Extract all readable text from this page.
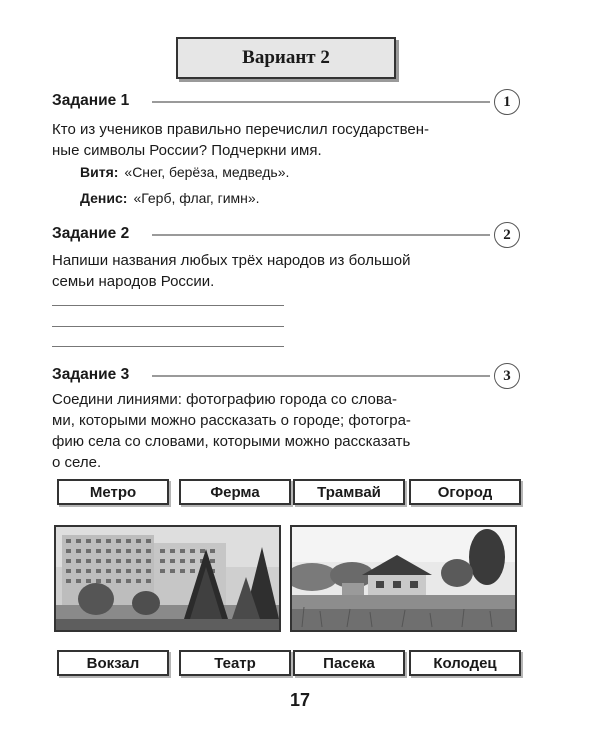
Вариант 2
Задание 1	1
Кто из учеников правильно перечислил государствен-
ные символы России? Подчеркни имя.
Витя: «Снег, берёза, медведь».
Денис: «Герб, флаг, гимн».
Задание 2	2
Напиши названия любых трёх народов из большой
семьи народов России.
Задание 3	3
Соедини линиями: фотографию города со слова-
ми, которыми можно рассказать о городе; фотогра-
фию села со словами, которыми можно рассказать
о селе.
Метро	Ферма	Трамвай	Огород
Вокзал	Театр	Пасека	Колодец
17
